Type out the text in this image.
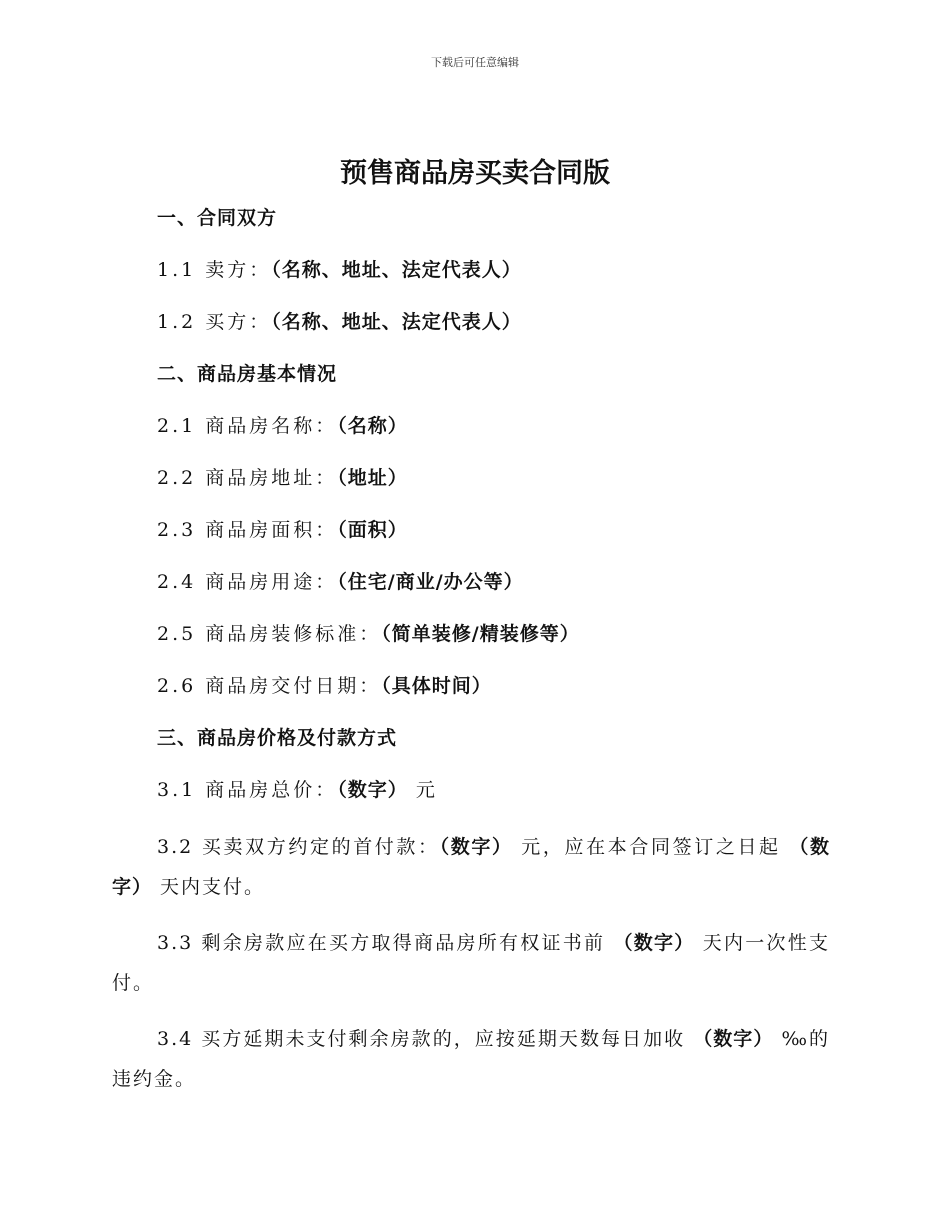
下载后可任意编辑
预售商品房买卖合同版

一、合同双方

1.1 卖方：（名称、地址、法定代表人）

1.2 买方：（名称、地址、法定代表人）

二、商品房基本情况

2.1 商品房名称：（名称）

2.2 商品房地址：（地址）

2.3 商品房面积：（面积）

2.4 商品房用途：（住宅/商业/办公等）

2.5 商品房装修标准：（简单装修/精装修等）

2.6 商品房交付日期：（具体时间）

三、商品房价格及付款方式

3.1 商品房总价：（数字） 元

3.2 买卖双方约定的首付款：（数字） 元，应在本合同签订之日起 （数字） 天内支付。

3.3 剩余房款应在买方取得商品房所有权证书前 （数字） 天内一次性支付。

3.4 买方延期未支付剩余房款的，应按延期天数每日加收 （数字） ‰的违约金。
